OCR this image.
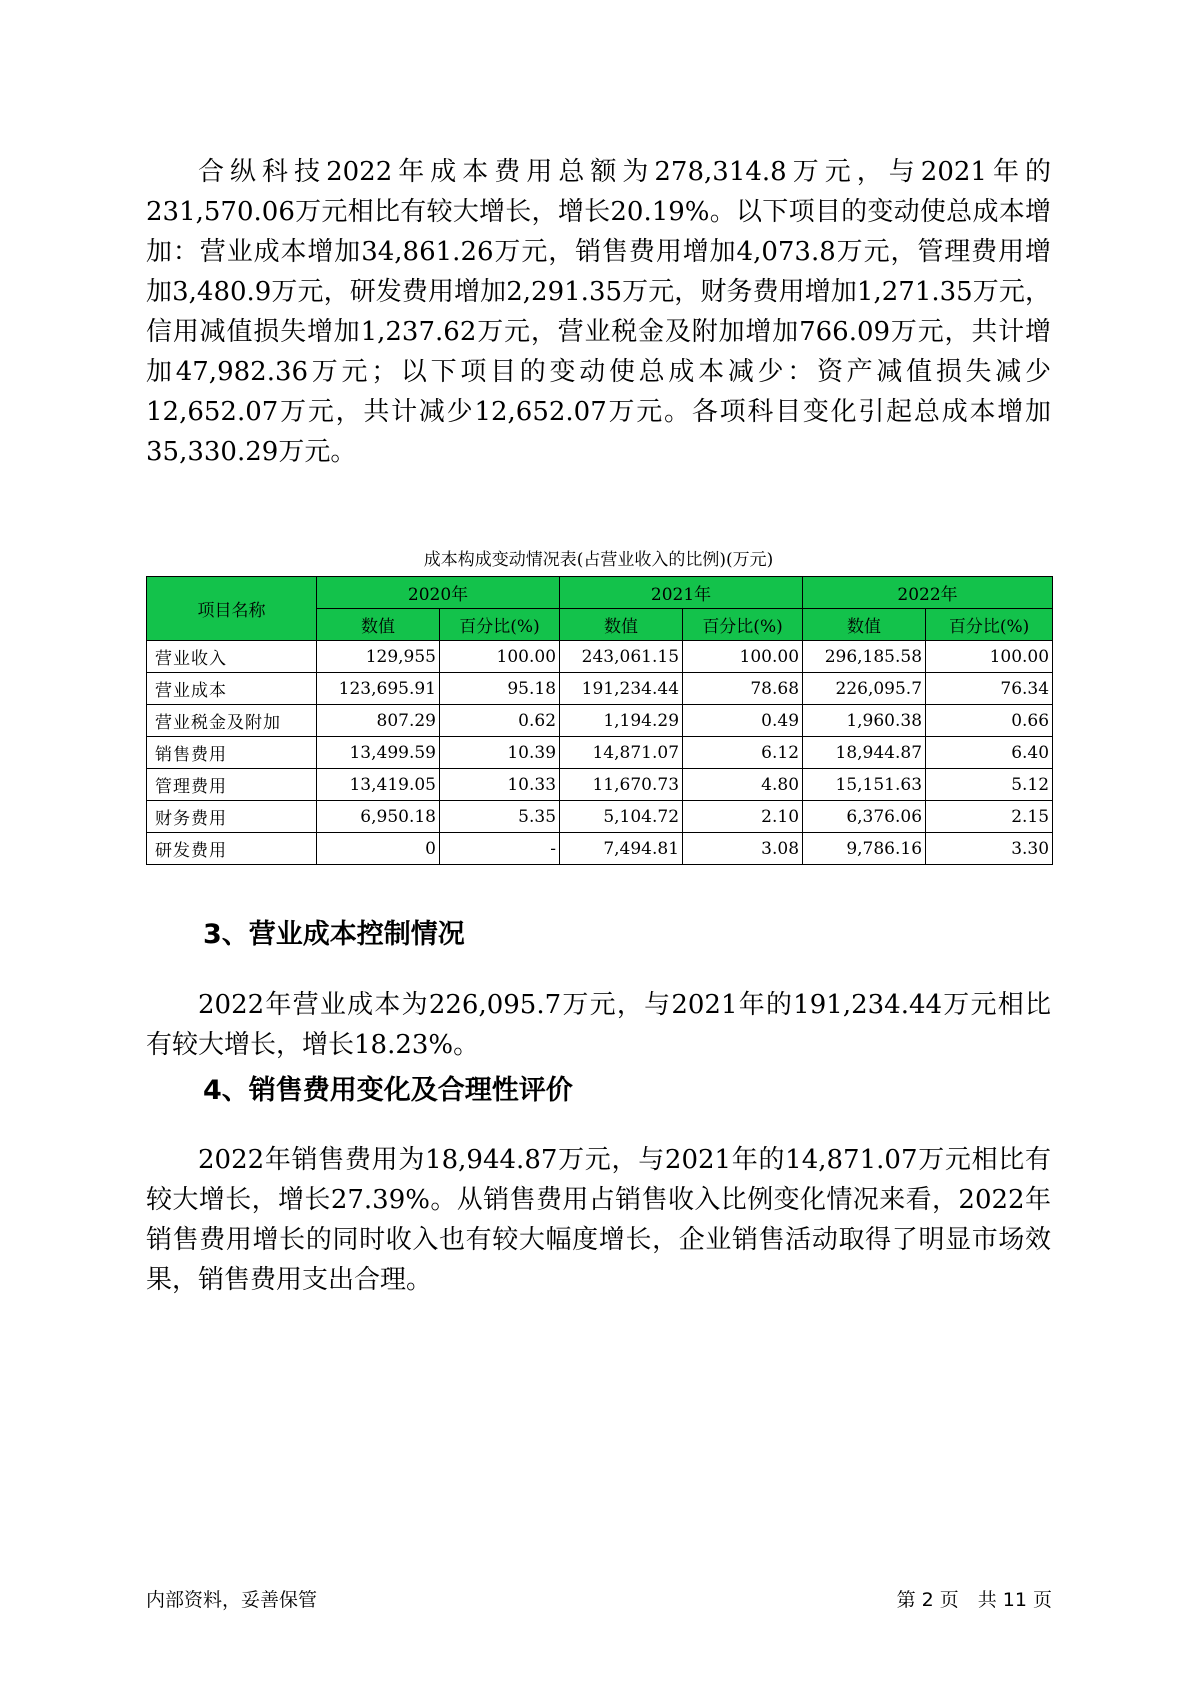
合纵科技2022年成本费用总额为278,314.8万元，与2021年的231,570.06万元相比有较大增长，增长20.19%。以下项目的变动使总成本增加：营业成本增加34,861.26万元，销售费用增加4,073.8万元，管理费用增加3,480.9万元，研发费用增加2,291.35万元，财务费用增加1,271.35万元，信用减值损失增加1,237.62万元，营业税金及附加增加766.09万元，共计增加47,982.36万元；以下项目的变动使总成本减少：资产减值损失减少12,652.07万元，共计减少12,652.07万元。各项科目变化引起总成本增加35,330.29万元。

成本构成变动情况表(占营业收入的比例)(万元)
项目名称	2020年		2021年		2022年	
	数值	百分比(%)	数值	百分比(%)	数值	百分比(%)
营业收入	129,955	100.00	243,061.15	100.00	296,185.58	100.00
营业成本	123,695.91	95.18	191,234.44	78.68	226,095.7	76.34
营业税金及附加	807.29	0.62	1,194.29	0.49	1,960.38	0.66
销售费用	13,499.59	10.39	14,871.07	6.12	18,944.87	6.40
管理费用	13,419.05	10.33	11,670.73	4.80	15,151.63	5.12
财务费用	6,950.18	5.35	5,104.72	2.10	6,376.06	2.15
研发费用	0	-	7,494.81	3.08	9,786.16	3.30
3、营业成本控制情况

2022年营业成本为226,095.7万元，与2021年的191,234.44万元相比有较大增长，增长18.23%。

4、销售费用变化及合理性评价

2022年销售费用为18,944.87万元，与2021年的14,871.07万元相比有较大增长，增长27.39%。从销售费用占销售收入比例变化情况来看，2022年销售费用增长的同时收入也有较大幅度增长，企业销售活动取得了明显市场效果，销售费用支出合理。

内部资料，妥善保管	第 2 页　共 11 页
